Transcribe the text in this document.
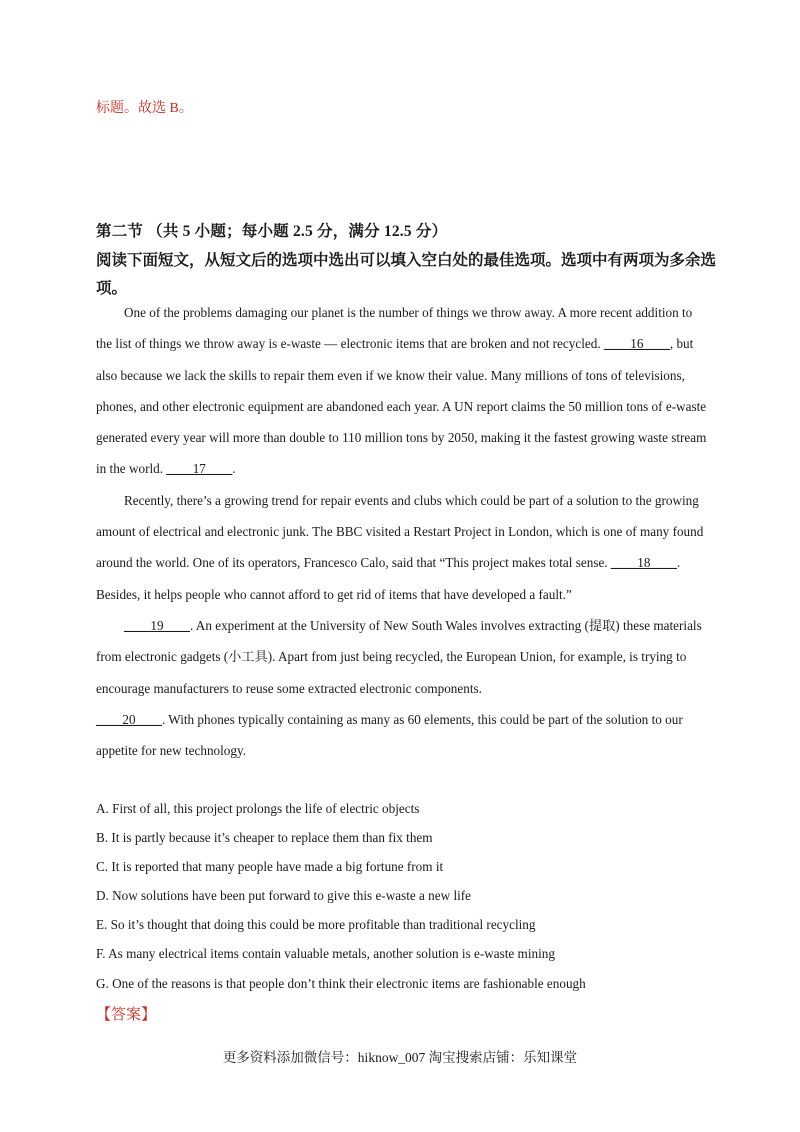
标题。故选 B。
第二节 （共 5 小题；每小题 2.5 分，满分 12.5 分）
阅读下面短文，从短文后的选项中选出可以填入空白处的最佳选项。选项中有两项为多余选项。

One of the problems damaging our planet is the number of things we throw away. A more recent addition to the list of things we throw away is e-waste — electronic items that are broken and not recycled. ____16____, but also because we lack the skills to repair them even if we know their value. Many millions of tons of televisions, phones, and other electronic equipment are abandoned each year. A UN report claims the 50 million tons of e-waste generated every year will more than double to 110 million tons by 2050, making it the fastest growing waste stream in the world. ____17____.

Recently, there’s a growing trend for repair events and clubs which could be part of a solution to the growing amount of electrical and electronic junk. The BBC visited a Restart Project in London, which is one of many found around the world. One of its operators, Francesco Calo, said that “This project makes total sense. ____18____. Besides, it helps people who cannot afford to get rid of items that have developed a fault.”

____19____. An experiment at the University of New South Wales involves extracting (提取) these materials from electronic gadgets (小工具). Apart from just being recycled, the European Union, for example, is trying to encourage manufacturers to reuse some extracted electronic components.

____20____. With phones typically containing as many as 60 elements, this could be part of the solution to our appetite for new technology.

A. First of all, this project prolongs the life of electric objects
B. It is partly because it’s cheaper to replace them than fix them
C. It is reported that many people have made a big fortune from it
D. Now solutions have been put forward to give this e-waste a new life
E. So it’s thought that doing this could be more profitable than traditional recycling
F. As many electrical items contain valuable metals, another solution is e-waste mining
G. One of the reasons is that people don’t think their electronic items are fashionable enough
【答案】
更多资料添加微信号：hiknow_007 淘宝搜索店铺：乐知课堂
